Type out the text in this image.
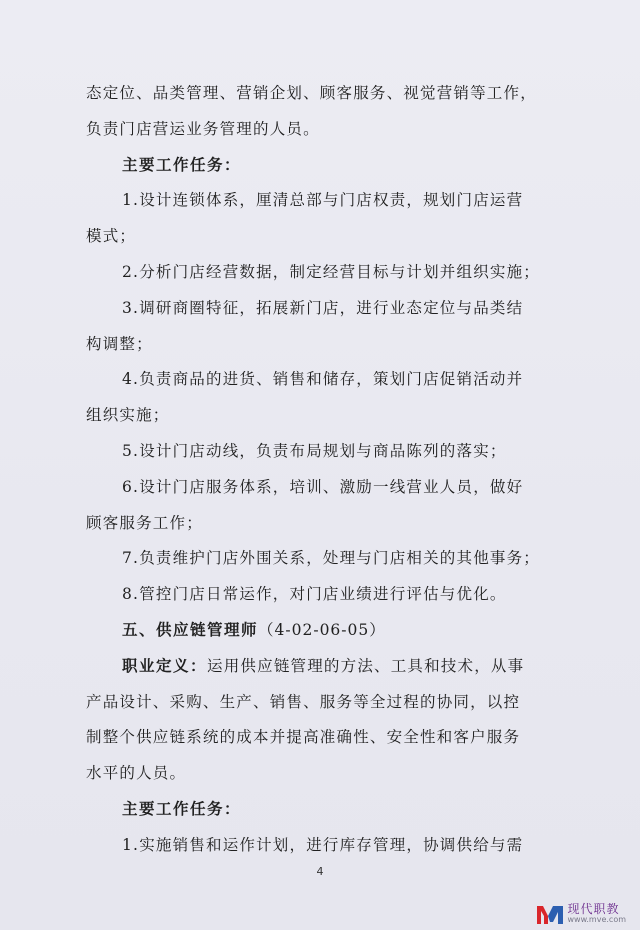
态定位、品类管理、营销企划、顾客服务、视觉营销等工作，
负责门店营运业务管理的人员。
主要工作任务：
1.设计连锁体系，厘清总部与门店权责，规划门店运营
模式；
2.分析门店经营数据，制定经营目标与计划并组织实施；
3.调研商圈特征，拓展新门店，进行业态定位与品类结
构调整；
4.负责商品的进货、销售和储存，策划门店促销活动并
组织实施；
5.设计门店动线，负责布局规划与商品陈列的落实；
6.设计门店服务体系，培训、激励一线营业人员，做好
顾客服务工作；
7.负责维护门店外围关系，处理与门店相关的其他事务；
8.管控门店日常运作，对门店业绩进行评估与优化。
五、供应链管理师（4-02-06-05）
职业定义：运用供应链管理的方法、工具和技术，从事
产品设计、采购、生产、销售、服务等全过程的协同，以控
制整个供应链系统的成本并提高准确性、安全性和客户服务
水平的人员。
主要工作任务：
1.实施销售和运作计划，进行库存管理，协调供给与需
4
现代职教
www.mve.com
